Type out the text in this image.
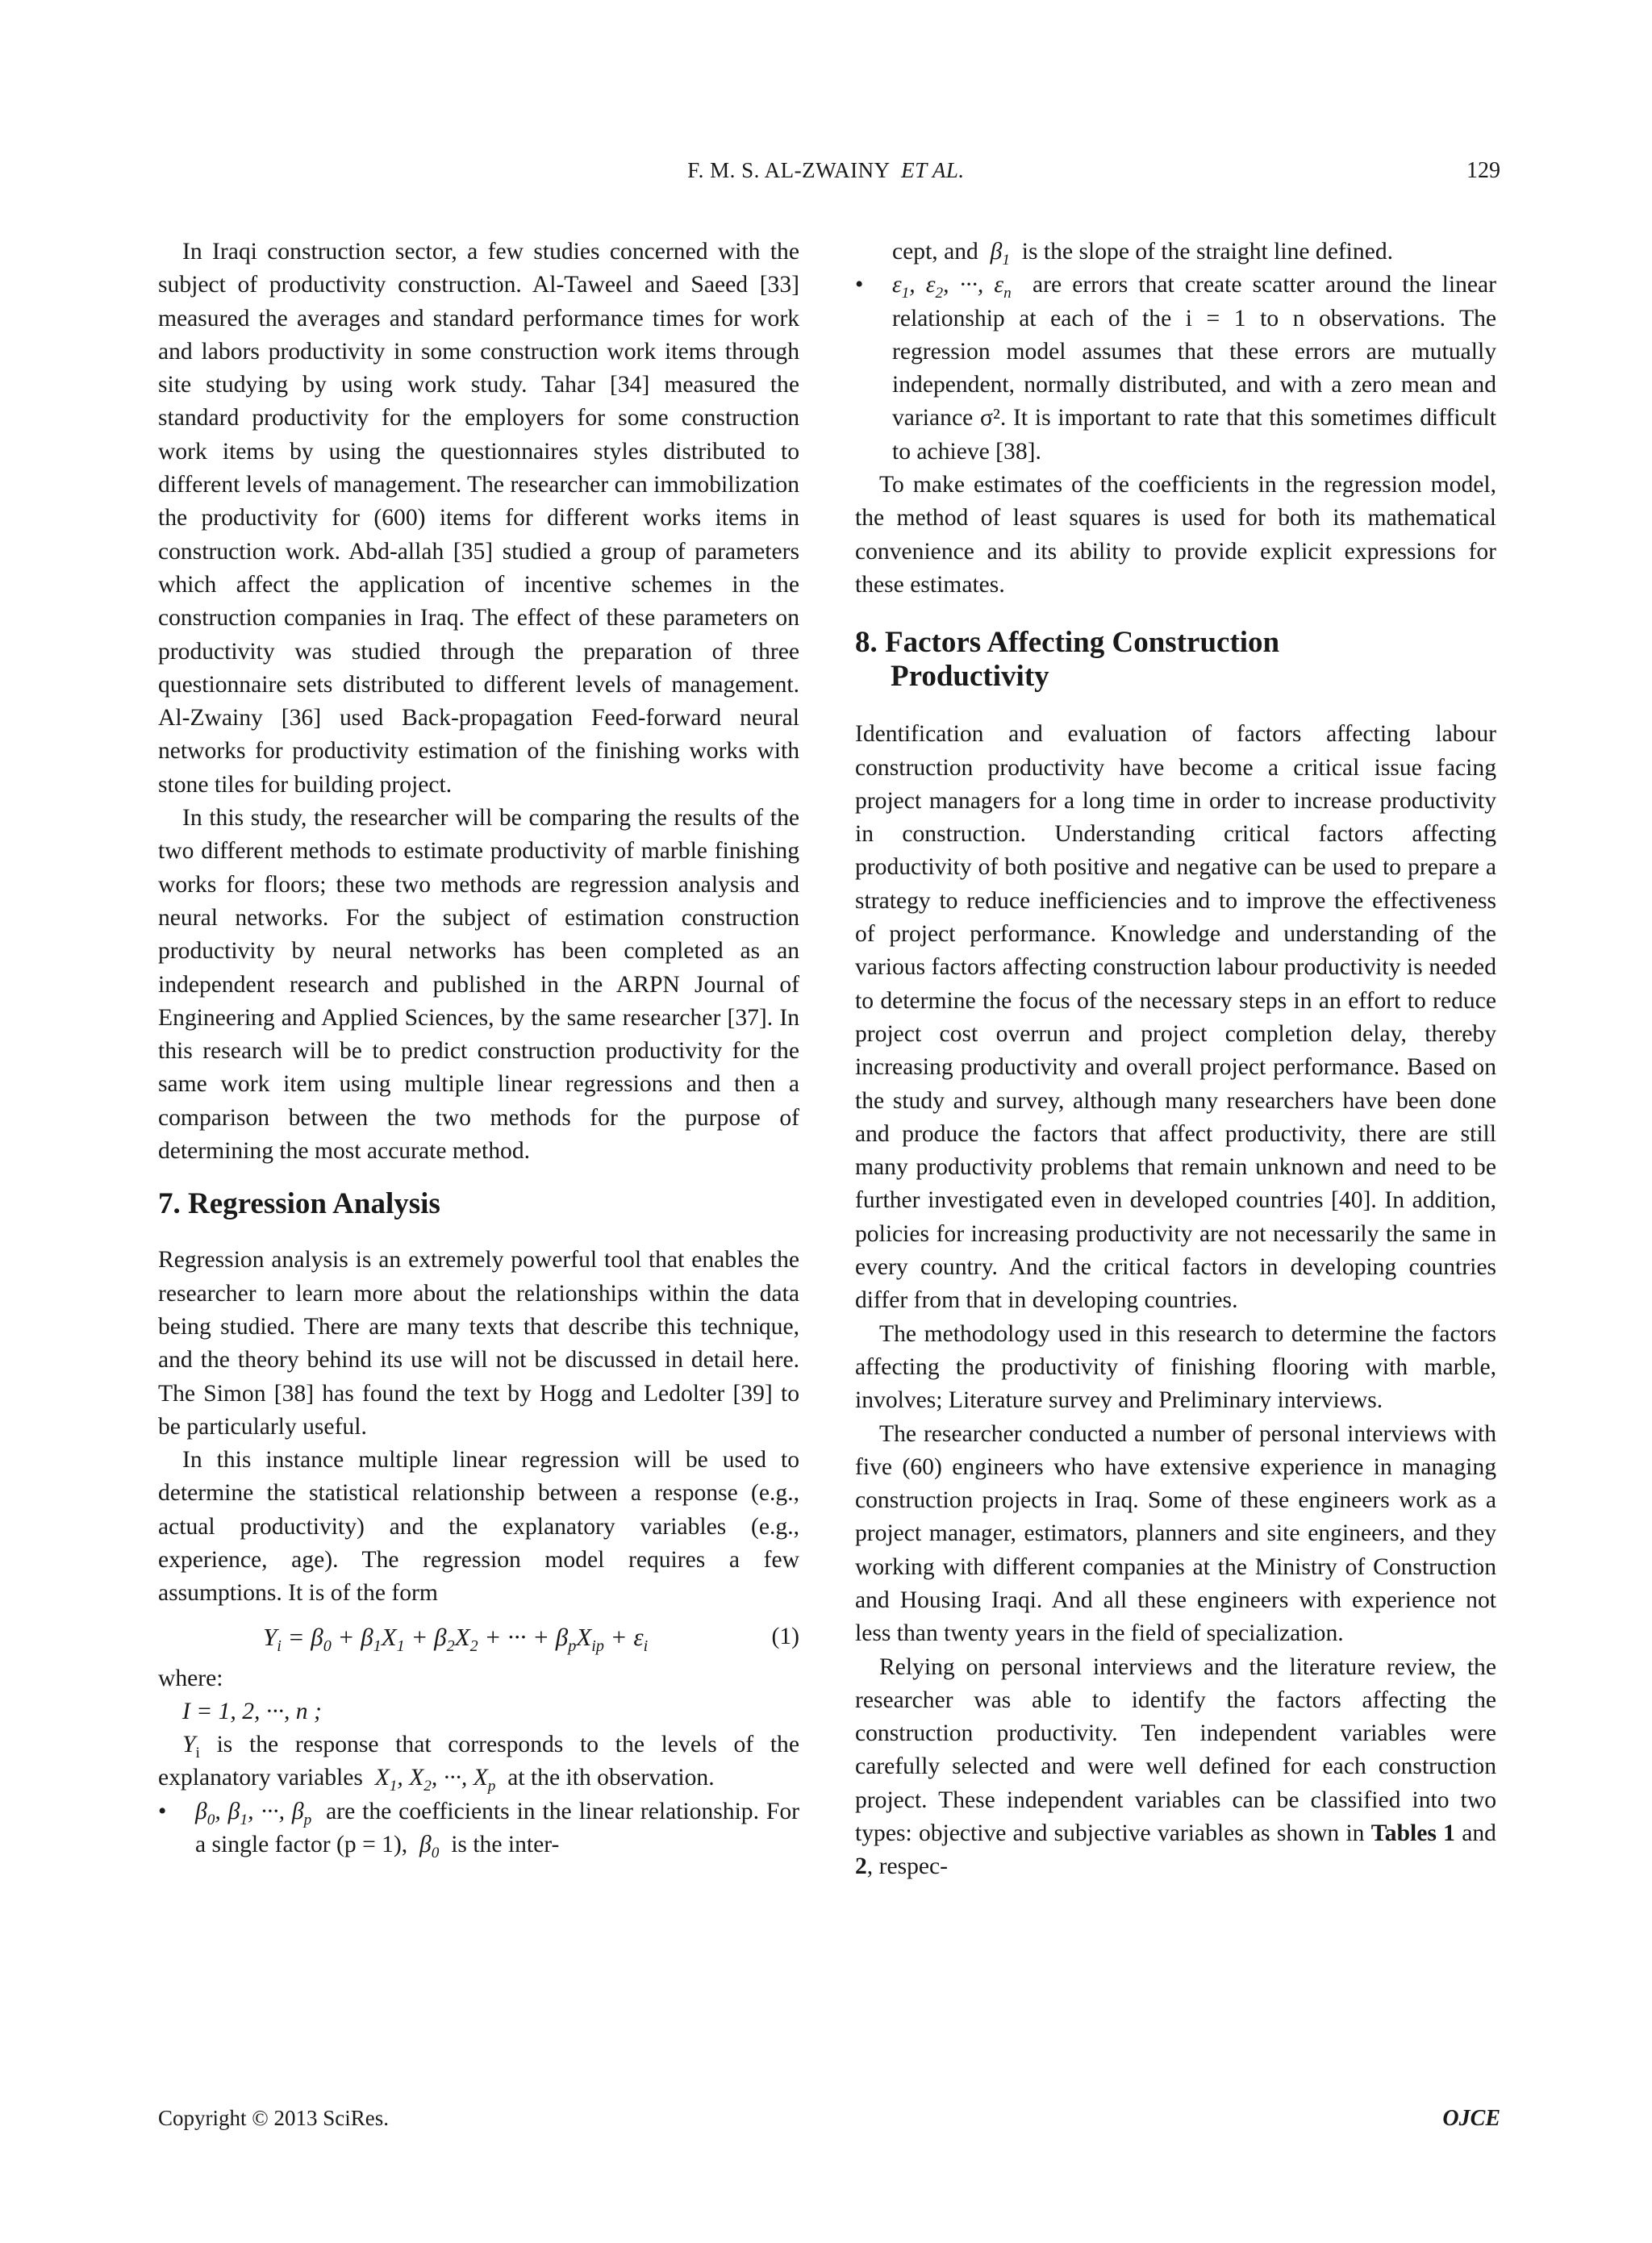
F. M. S. AL-ZWAINY ET AL.	129

In Iraqi construction sector, a few studies concerned with the subject of productivity construction. Al-Taweel and Saeed [33] measured the averages and standard performance times for work and labors productivity in some construction work items through site studying by using work study. Tahar [34] measured the standard productivity for the employers for some construction work items by using the questionnaires styles distributed to different levels of management. The researcher can immobilization the productivity for (600) items for different works items in construction work. Abd-allah [35] studied a group of parameters which affect the application of incentive schemes in the construction companies in Iraq. The effect of these parameters on productivity was studied through the preparation of three questionnaire sets distributed to different levels of management. Al-Zwainy [36] used Back-propagation Feed-forward neural networks for productivity estimation of the finishing works with stone tiles for building project.

In this study, the researcher will be comparing the results of the two different methods to estimate productivity of marble finishing works for floors; these two methods are regression analysis and neural networks. For the subject of estimation construction productivity by neural networks has been completed as an independent research and published in the ARPN Journal of Engineering and Applied Sciences, by the same researcher [37]. In this research will be to predict construction productivity for the same work item using multiple linear regressions and then a comparison between the two methods for the purpose of determining the most accurate method.

7. Regression Analysis

Regression analysis is an extremely powerful tool that enables the researcher to learn more about the relationships within the data being studied. There are many texts that describe this technique, and the theory behind its use will not be discussed in detail here. The Simon [38] has found the text by Hogg and Ledolter [39] to be particularly useful.

In this instance multiple linear regression will be used to determine the statistical relationship between a response (e.g., actual productivity) and the explanatory variables (e.g., experience, age). The regression model requires a few assumptions. It is of the form

$Y_i = \beta_0 + \beta_1X_1 + \beta_2X_2$ + ··· + $\beta_pX_{ip} + \varepsilon_i$	(1)

where:

I = 1, 2, ···, n ;

$Y_i$ is the response that corresponds to the levels of the explanatory variables $X_1$, $X_2$, ···, $X_p$ at the ith observation.

• $\beta_0$, $\beta_1$, ···, $\beta_p$ are the coefficients in the linear relationship. For a single factor (p = 1), $\beta_0$ is the inter-
cept, and $\beta_1$ is the slope of the straight line defined.
• $\varepsilon_1$, $\varepsilon_2$, ···, $\varepsilon_n$ are errors that create scatter around the linear relationship at each of the i = 1 to n observations. The regression model assumes that these errors are mutually independent, normally distributed, and with a zero mean and variance σ². It is important to rate that this sometimes difficult to achieve [38].

To make estimates of the coefficients in the regression model, the method of least squares is used for both its mathematical convenience and its ability to provide explicit expressions for these estimates.

8. Factors Affecting Construction
Productivity

Identification and evaluation of factors affecting labour construction productivity have become a critical issue facing project managers for a long time in order to increase productivity in construction. Understanding critical factors affecting productivity of both positive and negative can be used to prepare a strategy to reduce inefficiencies and to improve the effectiveness of project performance. Knowledge and understanding of the various factors affecting construction labour productivity is needed to determine the focus of the necessary steps in an effort to reduce project cost overrun and project completion delay, thereby increasing productivity and overall project performance. Based on the study and survey, although many researchers have been done and produce the factors that affect productivity, there are still many productivity problems that remain unknown and need to be further investigated even in developed countries [40]. In addition, policies for increasing productivity are not necessarily the same in every country. And the critical factors in developing countries differ from that in developing countries.

The methodology used in this research to determine the factors affecting the productivity of finishing flooring with marble, involves; Literature survey and Preliminary interviews.

The researcher conducted a number of personal interviews with five (60) engineers who have extensive experience in managing construction projects in Iraq. Some of these engineers work as a project manager, estimators, planners and site engineers, and they working with different companies at the Ministry of Construction and Housing Iraqi. And all these engineers with experience not less than twenty years in the field of specialization.

Relying on personal interviews and the literature review, the researcher was able to identify the factors affecting the construction productivity. Ten independent variables were carefully selected and were well defined for each construction project. These independent variables can be classified into two types: objective and subjective variables as shown in Tables 1 and 2, respec-

Copyright © 2013 SciRes.	OJCE
